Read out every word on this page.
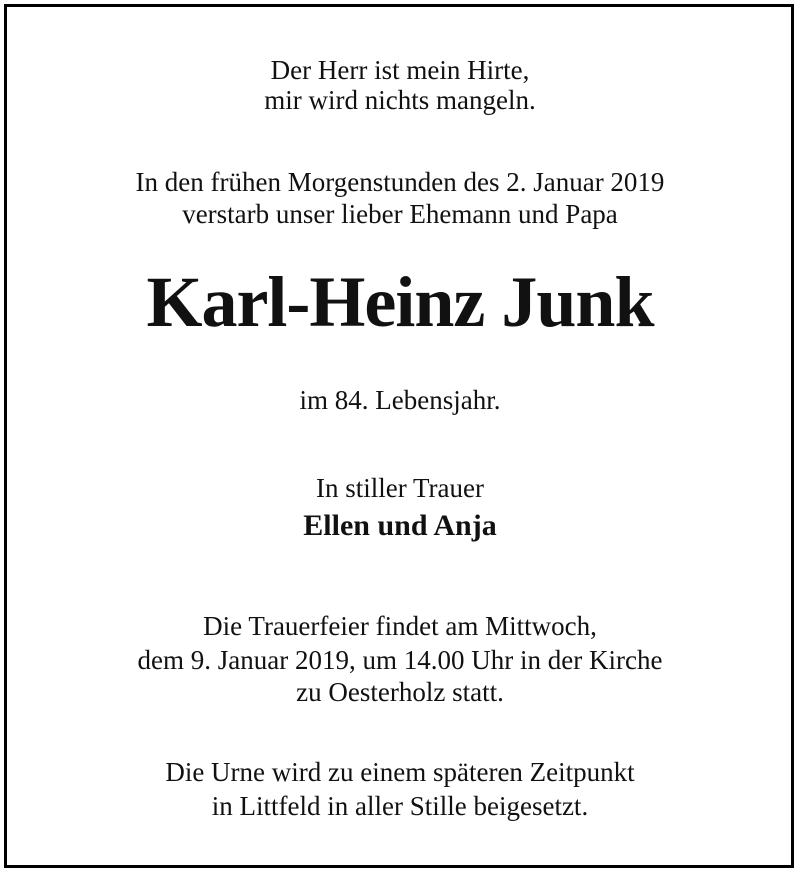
Der Herr ist mein Hirte,
mir wird nichts mangeln.
In den frühen Morgenstunden des 2. Januar 2019
verstarb unser lieber Ehemann und Papa
Karl-Heinz Junk
im 84. Lebensjahr.
In stiller Trauer
Ellen und Anja
Die Trauerfeier findet am Mittwoch,
dem 9. Januar 2019, um 14.00 Uhr in der Kirche
zu Oesterholz statt.
Die Urne wird zu einem späteren Zeitpunkt
in Littfeld in aller Stille beigesetzt.
